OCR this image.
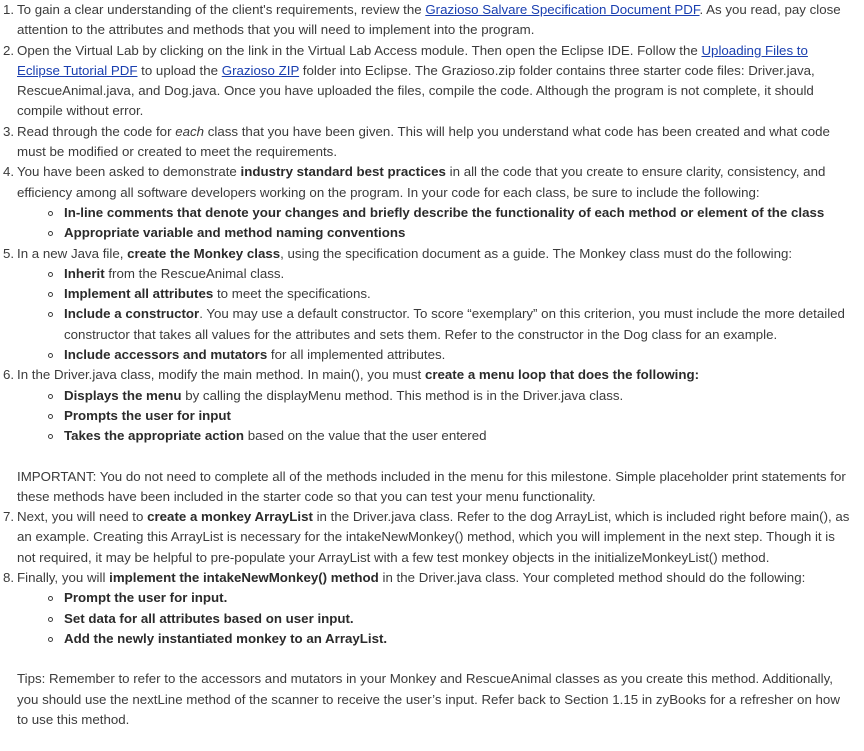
1. To gain a clear understanding of the client's requirements, review the Grazioso Salvare Specification Document PDF. As you read, pay close attention to the attributes and methods that you will need to implement into the program.
2. Open the Virtual Lab by clicking on the link in the Virtual Lab Access module. Then open the Eclipse IDE. Follow the Uploading Files to Eclipse Tutorial PDF to upload the Grazioso ZIP folder into Eclipse. The Grazioso.zip folder contains three starter code files: Driver.java, RescueAnimal.java, and Dog.java. Once you have uploaded the files, compile the code. Although the program is not complete, it should compile without error.
3. Read through the code for each class that you have been given. This will help you understand what code has been created and what code must be modified or created to meet the requirements.
4. You have been asked to demonstrate industry standard best practices in all the code that you create to ensure clarity, consistency, and efficiency among all software developers working on the program. In your code for each class, be sure to include the following:
In-line comments that denote your changes and briefly describe the functionality of each method or element of the class
Appropriate variable and method naming conventions
5. In a new Java file, create the Monkey class, using the specification document as a guide. The Monkey class must do the following:
Inherit from the RescueAnimal class.
Implement all attributes to meet the specifications.
Include a constructor. You may use a default constructor. To score “exemplary” on this criterion, you must include the more detailed constructor that takes all values for the attributes and sets them. Refer to the constructor in the Dog class for an example.
Include accessors and mutators for all implemented attributes.
6. In the Driver.java class, modify the main method. In main(), you must create a menu loop that does the following:
Displays the menu by calling the displayMenu method. This method is in the Driver.java class.
Prompts the user for input
Takes the appropriate action based on the value that the user entered
IMPORTANT: You do not need to complete all of the methods included in the menu for this milestone. Simple placeholder print statements for these methods have been included in the starter code so that you can test your menu functionality.
7. Next, you will need to create a monkey ArrayList in the Driver.java class. Refer to the dog ArrayList, which is included right before main(), as an example. Creating this ArrayList is necessary for the intakeNewMonkey() method, which you will implement in the next step. Though it is not required, it may be helpful to pre-populate your ArrayList with a few test monkey objects in the initializeMonkeyList() method.
8. Finally, you will implement the intakeNewMonkey() method in the Driver.java class. Your completed method should do the following:
Prompt the user for input.
Set data for all attributes based on user input.
Add the newly instantiated monkey to an ArrayList.
Tips: Remember to refer to the accessors and mutators in your Monkey and RescueAnimal classes as you create this method. Additionally, you should use the nextLine method of the scanner to receive the user’s input. Refer back to Section 1.15 in zyBooks for a refresher on how to use this method.
